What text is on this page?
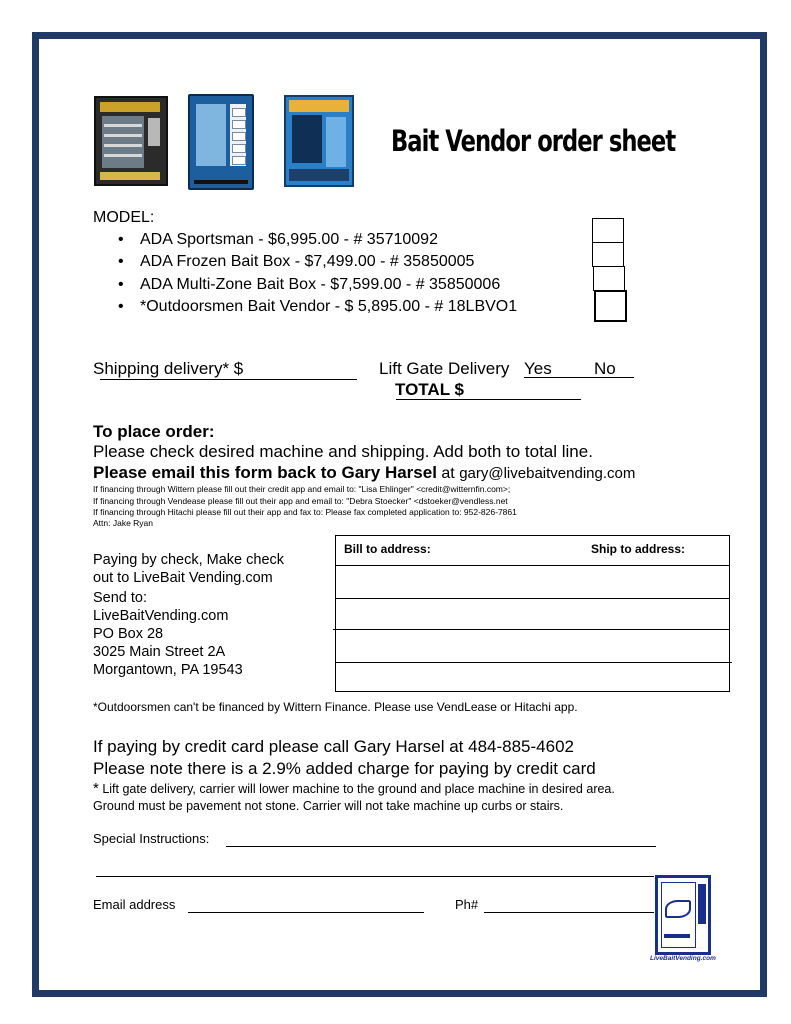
Bait Vendor order sheet
MODEL:
• ADA Sportsman - $6,995.00 - # 35710092
• ADA Frozen Bait Box - $7,499.00 - # 35850005
• ADA Multi-Zone Bait Box - $7,599.00 - # 35850006
• *Outdoorsmen Bait Vendor - $ 5,895.00 - # 18LBVO1
Shipping delivery* $	Lift Gate Delivery Yes No
TOTAL $
To place order:
Please check desired machine and shipping. Add both to total line.
Please email this form back to Gary Harsel at gary@livebaitvending.com
If financing through Wittern please fill out their credit app and email to: "Lisa Ehlinger" <credit@witternfin.com>;
If financing through Vendease please fill out their app and email to: "Debra Stoecker" <dstoeker@vendless.net
If financing through Hitachi please fill out their app and fax to: Please fax completed application to: 952-826-7861
Attn: Jake Ryan
Paying by check, Make check
out to LiveBait Vending.com
Send to:
LiveBaitVending.com
PO Box 28
3025 Main Street 2A
Morgantown, PA 19543
Bill to address:	Ship to address:
*Outdoorsmen can't be financed by Wittern Finance. Please use VendLease or Hitachi app.
If paying by credit card please call Gary Harsel at 484-885-4602
Please note there is a 2.9% added charge for paying by credit card
* Lift gate delivery, carrier will lower machine to the ground and place machine in desired area.
Ground must be pavement not stone. Carrier will not take machine up curbs or stairs.
Special Instructions:
Email address	Ph#
LiveBaitVending.com
